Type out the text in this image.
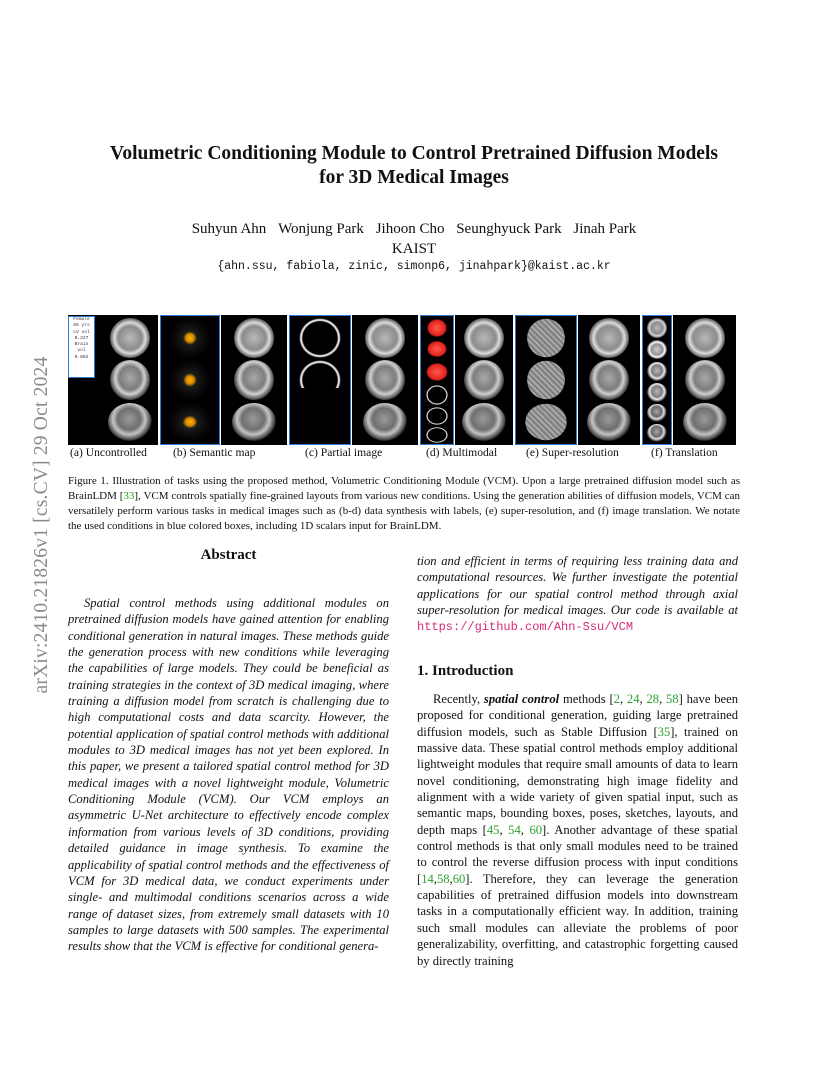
arXiv:2410.21826v1 [cs.CV] 29 Oct 2024
Volumetric Conditioning Module to Control Pretrained Diffusion Models
for 3D Medical Images
Suhyun Ahn Wonjung Park Jihoon Cho Seunghyuck Park Jinah Park
KAIST
{ahn.ssu, fabiola, zinic, simonp6, jinahpark}@kaist.ac.kr
Female
65 yrs
LV vol
0.227
Brain
vol
0.862
(a) Uncontrolled (b) Semantic map	(c) Partial image	(d) Multimodal (e) Super-resolution	(f) Translation
Figure 1. Illustration of tasks using the proposed method, Volumetric Conditioning Module (VCM). Upon a large pretrained diffusion model such as BrainLDM [33], VCM controls spatially fine-grained layouts from various new conditions. Using the generation abilities of diffusion models, VCM can versatilely perform various tasks in medical images such as (b-d) data synthesis with labels, (e) super-resolution, and (f) image translation. We notate the used conditions in blue colored boxes, including 1D scalars input for BrainLDM.
Abstract
Spatial control methods using additional modules on pretrained diffusion models have gained attention for enabling conditional generation in natural images. These methods guide the generation process with new conditions while leveraging the capabilities of large models. They could be beneficial as training strategies in the context of 3D medical imaging, where training a diffusion model from scratch is challenging due to high computational costs and data scarcity. However, the potential application of spatial control methods with additional modules to 3D medical images has not yet been explored. In this paper, we present a tailored spatial control method for 3D medical images with a novel lightweight module, Volumetric Conditioning Module (VCM). Our VCM employs an asymmetric U-Net architecture to effectively encode complex information from various levels of 3D conditions, providing detailed guidance in image synthesis. To examine the applicability of spatial control methods and the effectiveness of VCM for 3D medical data, we conduct experiments under single- and multimodal conditions scenarios across a wide range of dataset sizes, from extremely small datasets with 10 samples to large datasets with 500 samples. The experimental results show that the VCM is effective for conditional genera-
tion and efficient in terms of requiring less training data and computational resources. We further investigate the potential applications for our spatial control method through axial super-resolution for medical images. Our code is available at https://github.com/Ahn-Ssu/VCM
1. Introduction
Recently, spatial control methods [2, 24, 28, 58] have been proposed for conditional generation, guiding large pretrained diffusion models, such as Stable Diffusion [35], trained on massive data. These spatial control methods employ additional lightweight modules that require small amounts of data to learn novel conditioning, demonstrating high image fidelity and alignment with a wide variety of given spatial input, such as semantic maps, bounding boxes, poses, sketches, layouts, and depth maps [45, 54, 60]. Another advantage of these spatial control methods is that only small modules need to be trained to control the reverse diffusion process with input conditions [14,58,60]. Therefore, they can leverage the generation capabilities of pretrained diffusion models into downstream tasks in a computationally efficient way. In addition, training such small modules can alleviate the problems of poor generalizability, overfitting, and catastrophic forgetting caused by directly training
